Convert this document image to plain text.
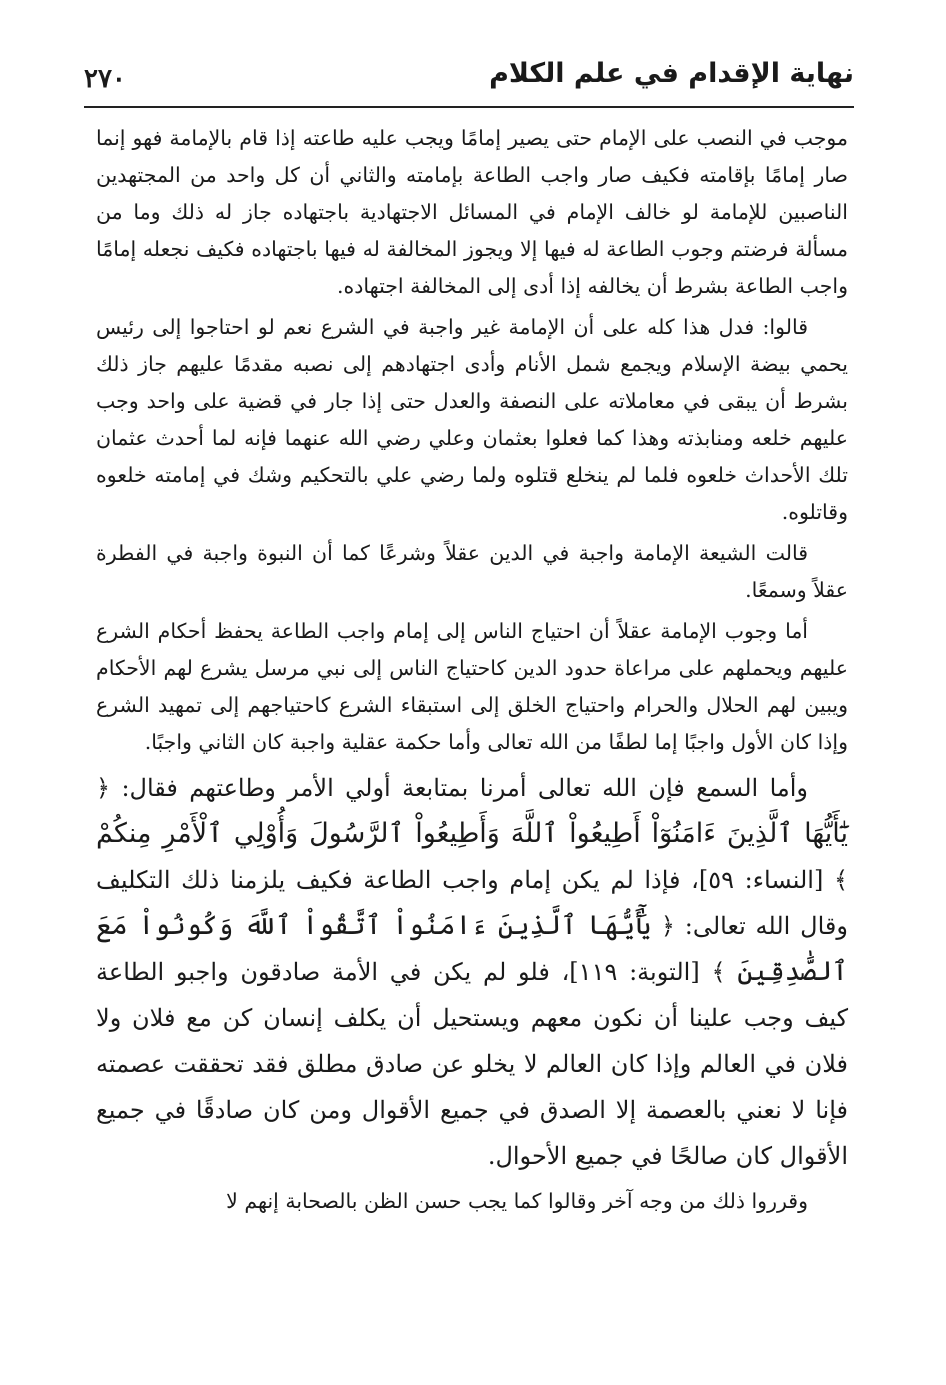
نهاية الإقدام في علم الكلام
٢٧٠

موجب في النصب على الإمام حتى يصير إمامًا ويجب عليه طاعته إذا قام بالإمامة فهو إنما صار إمامًا بإقامته فكيف صار واجب الطاعة بإمامته والثاني أن كل واحد من المجتهدين الناصبين للإمامة لو خالف الإمام في المسائل الاجتهادية باجتهاده جاز له ذلك وما من مسألة فرضتم وجوب الطاعة له فيها إلا ويجوز المخالفة له فيها باجتهاده فكيف نجعله إمامًا واجب الطاعة بشرط أن يخالفه إذا أدى إلى المخالفة اجتهاده.

قالوا: فدل هذا كله على أن الإمامة غير واجبة في الشرع نعم لو احتاجوا إلى رئيس يحمي بيضة الإسلام ويجمع شمل الأنام وأدى اجتهادهم إلى نصبه مقدمًا عليهم جاز ذلك بشرط أن يبقى في معاملاته على النصفة والعدل حتى إذا جار في قضية على واحد وجب عليهم خلعه ومنابذته وهذا كما فعلوا بعثمان وعلي رضي الله عنهما فإنه لما أحدث عثمان تلك الأحداث خلعوه فلما لم ينخلع قتلوه ولما رضي علي بالتحكيم وشك في إمامته خلعوه وقاتلوه.

قالت الشيعة الإمامة واجبة في الدين عقلاً وشرعًا كما أن النبوة واجبة في الفطرة عقلاً وسمعًا.

أما وجوب الإمامة عقلاً أن احتياج الناس إلى إمام واجب الطاعة يحفظ أحكام الشرع عليهم ويحملهم على مراعاة حدود الدين كاحتياج الناس إلى نبي مرسل يشرع لهم الأحكام ويبين لهم الحلال والحرام واحتياج الخلق إلى استبقاء الشرع كاحتياجهم إلى تمهيد الشرع وإذا كان الأول واجبًا إما لطفًا من الله تعالى وأما حكمة عقلية واجبة كان الثاني واجبًا.

وأما السمع فإن الله تعالى أمرنا بمتابعة أولي الأمر وطاعتهم فقال: ﴿ يَٰٓأَيُّهَا ٱلَّذِينَ ءَامَنُوٓاْ أَطِيعُواْ ٱللَّهَ وَأَطِيعُواْ ٱلرَّسُولَ وَأُوْلِي ٱلْأَمْرِ مِنكُمْ ﴾ [النساء: ٥٩]، فإذا لم يكن إمام واجب الطاعة فكيف يلزمنا ذلك التكليف وقال الله تعالى: ﴿ يَٰٓأَيُّهَا ٱلَّذِينَ ءَامَنُواْ ٱتَّقُواْ ٱللَّهَ وَكُونُواْ مَعَ ٱلصَّٰدِقِينَ ﴾ [التوبة: ١١٩]، فلو لم يكن في الأمة صادقون واجبو الطاعة كيف وجب علينا أن نكون معهم ويستحيل أن يكلف إنسان كن مع فلان ولا فلان في العالم وإذا كان العالم لا يخلو عن صادق مطلق فقد تحققت عصمته فإنا لا نعني بالعصمة إلا الصدق في جميع الأقوال ومن كان صادقًا في جميع الأقوال كان صالحًا في جميع الأحوال.

وقرروا ذلك من وجه آخر وقالوا كما يجب حسن الظن بالصحابة إنهم لا
